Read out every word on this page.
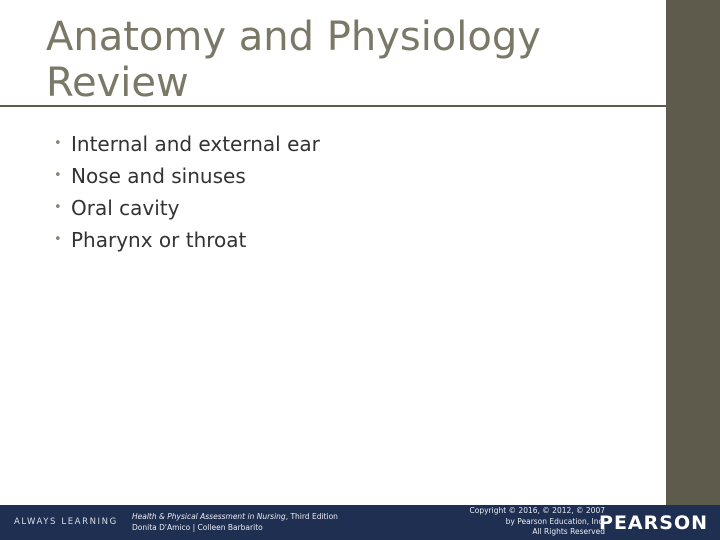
Anatomy and Physiology
Review
• Internal and external ear
• Nose and sinuses
• Oral cavity
• Pharynx or throat
ALWAYS LEARNING
Health & Physical Assessment in Nursing, Third Edition
Donita D'Amico | Colleen Barbarito
Copyright © 2016, © 2012, © 2007
by Pearson Education, Inc.
All Rights Reserved
PEARSON
